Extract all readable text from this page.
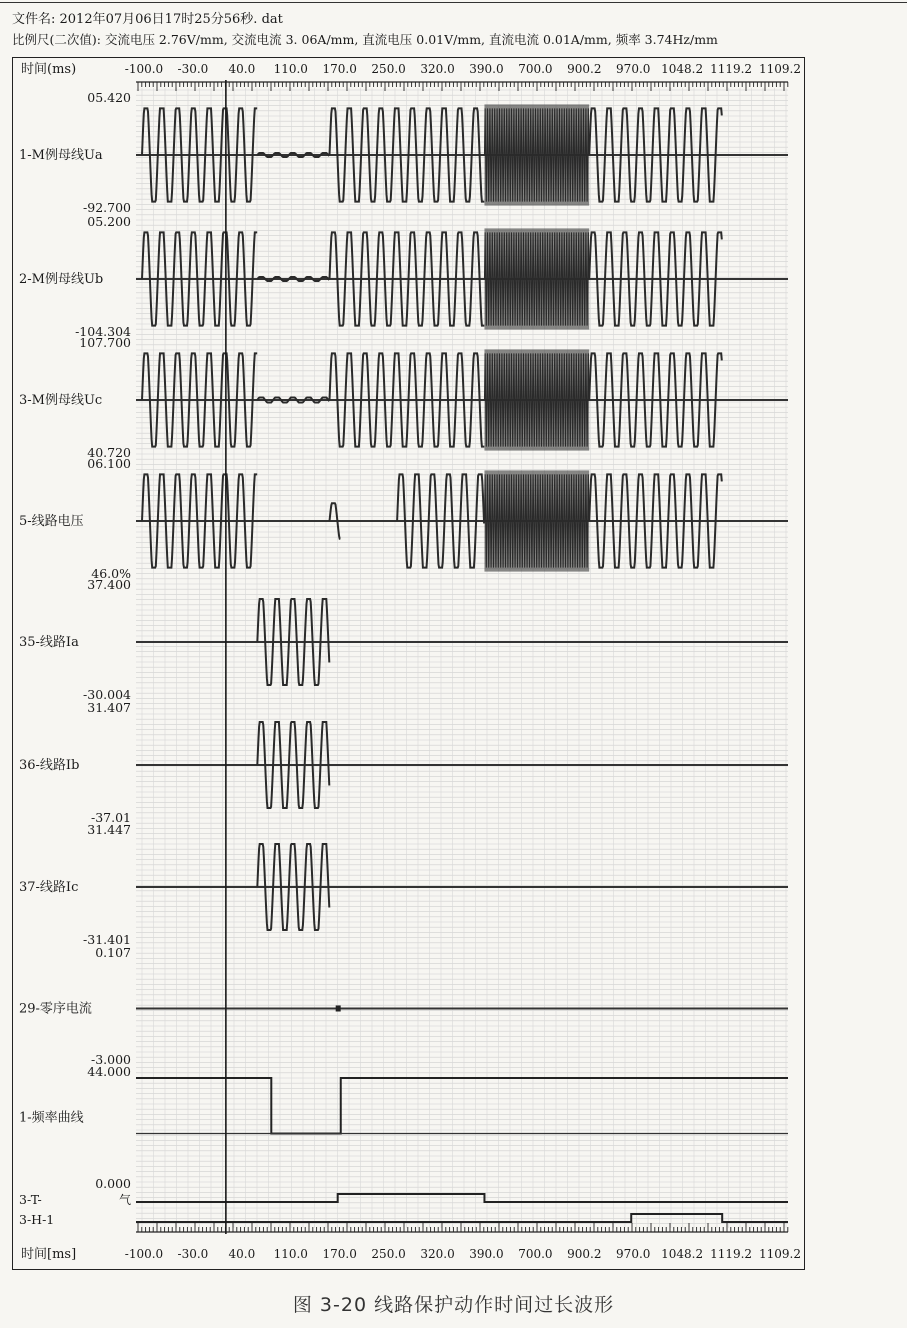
文件名: 2012年07月06日17时25分56秒. dat
比例尺(二次值): 交流电压 2.76V/mm, 交流电流 3. 06A/mm, 直流电压 0.01V/mm, 直流电流 0.01A/mm, 频率 3.74Hz/mm
时间(ms)	-100.0 -30.0 40.0 110.0 170.0 250.0 320.0 390.0 700.0 900.2 970.0 1048.2 1119.2 1109.2
时间[ms]	-100.0 -30.0 40.0 110.0 170.0 250.0 320.0 390.0 700.0 900.2 970.0 1048.2 1119.2 1109.2
05.420
1-M例母线Ua
-92.700
05.200
2-M例母线Ub
-104.304
107.700
3-M例母线Uc
40.720
06.100
5-线路电压
46.0%
37.400
35-线路Ia
-30.004
31.407
36-线路Ib
-37.01
31.447
37-线路Ic
-31.401
0.107
29-零序电流
-3.000
44.000
1-频率曲线
0.000
气
3-T-
3-H-1
图 3-20 线路保护动作时间过长波形
